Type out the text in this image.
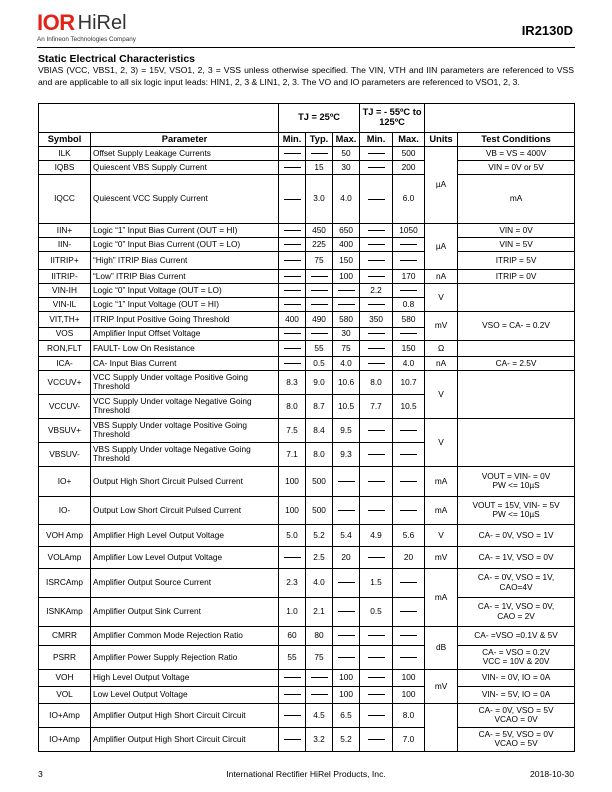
IOR HiRel
An Infineon Technologies Company
IR2130D
Static Electrical Characteristics
VBIAS (VCC, VBS1, 2, 3) = 15V, VSO1, 2, 3 = VSS unless otherwise specified. The VIN, VTH and IIN parameters are referenced to VSS and are applicable to all six logic input leads: HIN1, 2, 3 & LIN1, 2, 3. The VO and IO parameters are referenced to VSO1, 2, 3.
		TJ = 25ºC			TJ = - 55ºC to 125ºC				
Symbol	Parameter	Min.	Typ.	Max.	Min.	Max.	Units	Test Conditions	
ILK	Offset Supply Leakage Currents			50		500	µA	VB = VS = 400V	
IQBS	Quiescent VBS Supply Current		15	30		200		VIN = 0V or 5V	
IQCC	Quiescent VCC Supply Current		3.0	4.0		6.0		mA	
IIN+	Logic “1” Input Bias Current (OUT = HI)		450	650		1050	µA	VIN = 0V	
IIN-	Logic “0” Input Bias Current (OUT = LO)		225	400				VIN = 5V	
IITRIP+	“High” ITRIP Bias Current		75	150				ITRIP = 5V	
IITRIP-	“Low” ITRIP Bias Current			100		170	nA	ITRIP = 0V	
VIN-IH	Logic “0” Input Voltage (OUT = LO)				2.2		V		
VIN-IL	Logic “1” Input Voltage (OUT = HI)					0.8			
VIT,TH+	ITRIP Input Positive Going Threshold	400	490	580	350	580	mV	VSO = CA- = 0.2V	
VOS	Amplifier Input Offset Voltage			30					
RON,FLT	FAULT- Low On Resistance		55	75		150	Ω		
ICA-	CA- Input Bias Current		0.5	4.0		4.0	nA	CA- = 2.5V	
VCCUV+	VCC Supply Under voltage Positive Going Threshold	8.3	9.0	10.6	8.0	10.7	V		
VCCUV-	VCC Supply Under voltage Negative Going Threshold	8.0	8.7	10.5	7.7	10.5			
VBSUV+	VBS Supply Under voltage Positive Going Threshold	7.5	8.4	9.5			V		
VBSUV-	VBS Supply Under voltage Negative Going Threshold	7.1	8.0	9.3					
IO+	Output High Short Circuit Pulsed Current	100	500				mA	VOUT = VIN- = 0V
PW <= 10µS	
IO-	Output Low Short Circuit Pulsed Current	100	500				mA	VOUT = 15V, VIN- = 5V
PW <= 10µS	
VOH Amp	Amplifier High Level Output Voltage	5.0	5.2	5.4	4.9	5.6	V	CA- = 0V, VSO = 1V	
VOLAmp	Amplifier Low Level Output Voltage		2.5	20		20	mV	CA- = 1V, VSO = 0V	
ISRCAmp	Amplifier Output Source Current	2.3	4.0		1.5		mA	CA- = 0V, VSO = 1V,
CAO=4V	
ISNKAmp	Amplifier Output Sink Current	1.0	2.1		0.5			CA- = 1V, VSO = 0V,
CAO = 2V	
CMRR	Amplifier Common Mode Rejection Ratio	60	80				dB	CA- =VSO =0.1V & 5V	
PSRR	Amplifier Power Supply Rejection Ratio	55	75					CA- = VSO = 0.2V
VCC = 10V & 20V	
VOH	High Level Output Voltage			100		100	mV	VIN- = 0V, IO = 0A	
VOL	Low Level Output Voltage			100		100		VIN- = 5V, IO = 0A	
IO+Amp	Amplifier Output High Short Circuit Circuit		4.5	6.5		8.0		CA- = 0V, VSO = 5V
VCAO = 0V	
IO+Amp	Amplifier Output High Short Circuit Circuit		3.2	5.2		7.0		CA- = 5V, VSO = 0V
VCAO = 5V	
3	International Rectifier HiRel Products, Inc.	2018-10-30
